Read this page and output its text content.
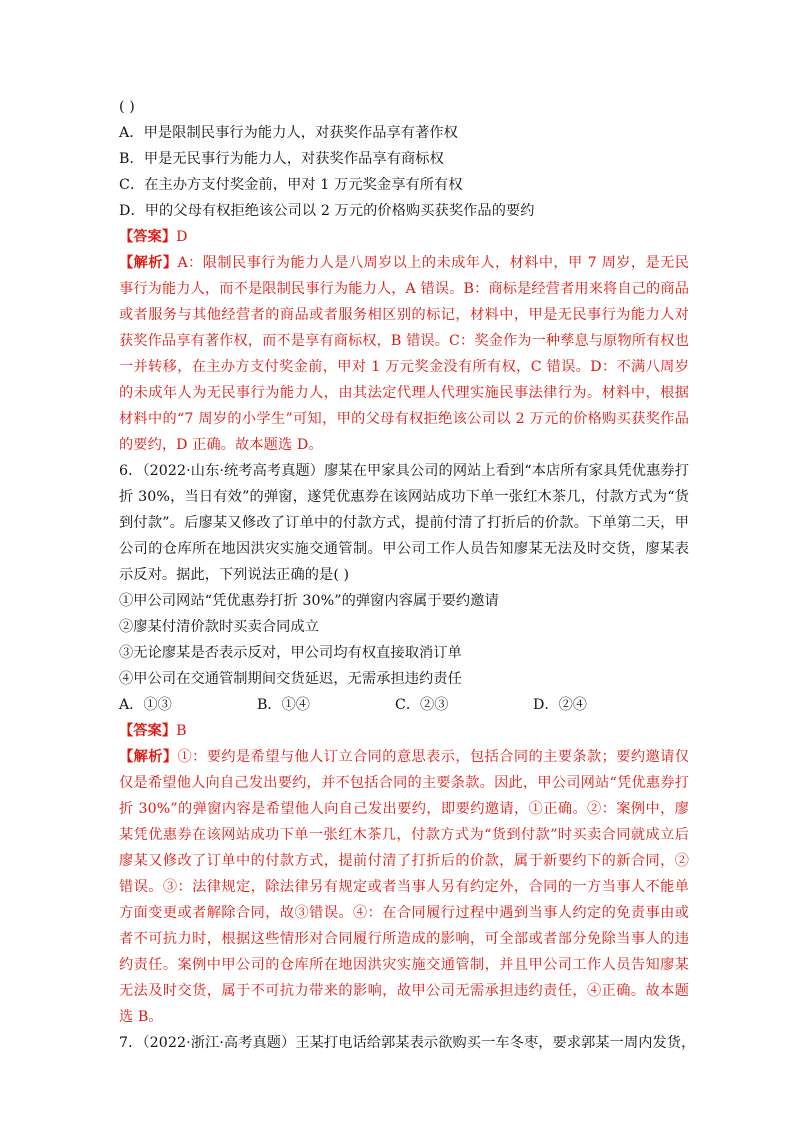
( )
A．甲是限制民事行为能力人，对获奖作品享有著作权
B．甲是无民事行为能力人，对获奖作品享有商标权
C．在主办方支付奖金前，甲对 1 万元奖金享有所有权
D．甲的父母有权拒绝该公司以 2 万元的价格购买获奖作品的要约
【答案】D
【解析】A：限制民事行为能力人是八周岁以上的未成年人，材料中，甲 7 周岁，是无民事行为能力人，而不是限制民事行为能力人，A 错误。B：商标是经营者用来将自己的商品或者服务与其他经营者的商品或者服务相区别的标记，材料中，甲是无民事行为能力人对获奖作品享有著作权，而不是享有商标权，B 错误。C：奖金作为一种孳息与原物所有权也一并转移，在主办方支付奖金前，甲对 1 万元奖金没有所有权，C 错误。D：不满八周岁的未成年人为无民事行为能力人，由其法定代理人代理实施民事法律行为。材料中，根据材料中的“7 周岁的小学生”可知，甲的父母有权拒绝该公司以 2 万元的价格购买获奖作品的要约，D 正确。故本题选 D。
6．（2022·山东·统考高考真题）廖某在甲家具公司的网站上看到“本店所有家具凭优惠券打折 30%，当日有效”的弹窗，遂凭优惠券在该网站成功下单一张红木茶几，付款方式为“货到付款”。后廖某又修改了订单中的付款方式，提前付清了打折后的价款。下单第二天，甲公司的仓库所在地因洪灾实施交通管制。甲公司工作人员告知廖某无法及时交货，廖某表示反对。据此，下列说法正确的是( )
①甲公司网站“凭优惠券打折 30%”的弹窗内容属于要约邀请
②廖某付清价款时买卖合同成立
③无论廖某是否表示反对，甲公司均有权直接取消订单
④甲公司在交通管制期间交货延迟，无需承担违约责任
A．①③	B．①④	C．②③	D．②④
【答案】B
【解析】①：要约是希望与他人订立合同的意思表示，包括合同的主要条款；要约邀请仅仅是希望他人向自己发出要约，并不包括合同的主要条款。因此，甲公司网站“凭优惠券打折 30%”的弹窗内容是希望他人向自己发出要约，即要约邀请，①正确。②：案例中，廖某凭优惠券在该网站成功下单一张红木茶几，付款方式为“货到付款”时买卖合同就成立后廖某又修改了订单中的付款方式，提前付清了打折后的价款，属于新要约下的新合同，②错误。③：法律规定，除法律另有规定或者当事人另有约定外，合同的一方当事人不能单方面变更或者解除合同，故③错误。④：在合同履行过程中遇到当事人约定的免责事由或者不可抗力时，根据这些情形对合同履行所造成的影响，可全部或者部分免除当事人的违约责任。案例中甲公司的仓库所在地因洪灾实施交通管制，并且甲公司工作人员告知廖某无法及时交货，属于不可抗力带来的影响，故甲公司无需承担违约责任，④正确。故本题选 B。
7．（2022·浙江·高考真题）王某打电话给郭某表示欲购买一车冬枣，要求郭某一周内发货，
